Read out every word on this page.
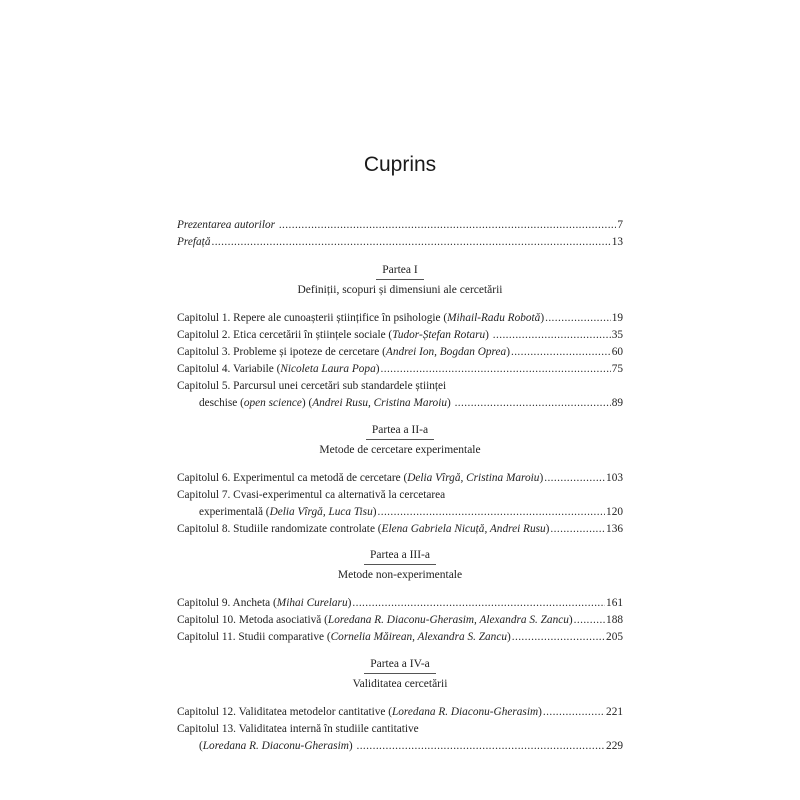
Cuprins
Prezentarea autorilor .....	7
Prefață .....	13
Partea I
Definiții, scopuri și dimensiuni ale cercetării
Capitolul 1. Repere ale cunoașterii științifice în psihologie (Mihail-Radu Robotă) .....	19
Capitolul 2. Etica cercetării în științele sociale (Tudor-Ștefan Rotaru) .....	35
Capitolul 3. Probleme și ipoteze de cercetare (Andrei Ion, Bogdan Oprea) .....	60
Capitolul 4. Variabile (Nicoleta Laura Popa) .....	75
Capitolul 5. Parcursul unei cercetări sub standardele științei
deschise (open science) (Andrei Rusu, Cristina Maroiu) .....	89
Partea a II-a
Metode de cercetare experimentale
Capitolul 6. Experimentul ca metodă de cercetare (Delia Vîrgă, Cristina Maroiu) .....	103
Capitolul 7. Cvasi-experimentul ca alternativă la cercetarea
experimentală (Delia Vîrgă, Luca Tisu) .....	120
Capitolul 8. Studiile randomizate controlate (Elena Gabriela Nicuță, Andrei Rusu) .....	136
Partea a III-a
Metode non-experimentale
Capitolul 9. Ancheta (Mihai Curelaru) .....	161
Capitolul 10. Metoda asociativă (Loredana R. Diaconu-Gherasim, Alexandra S. Zancu) .....	188
Capitolul 11. Studii comparative (Cornelia Măirean, Alexandra S. Zancu) .....	205
Partea a IV-a
Validitatea cercetării
Capitolul 12. Validitatea metodelor cantitative (Loredana R. Diaconu-Gherasim) .....	221
Capitolul 13. Validitatea internă în studiile cantitative
(Loredana R. Diaconu-Gherasim) .....	229
